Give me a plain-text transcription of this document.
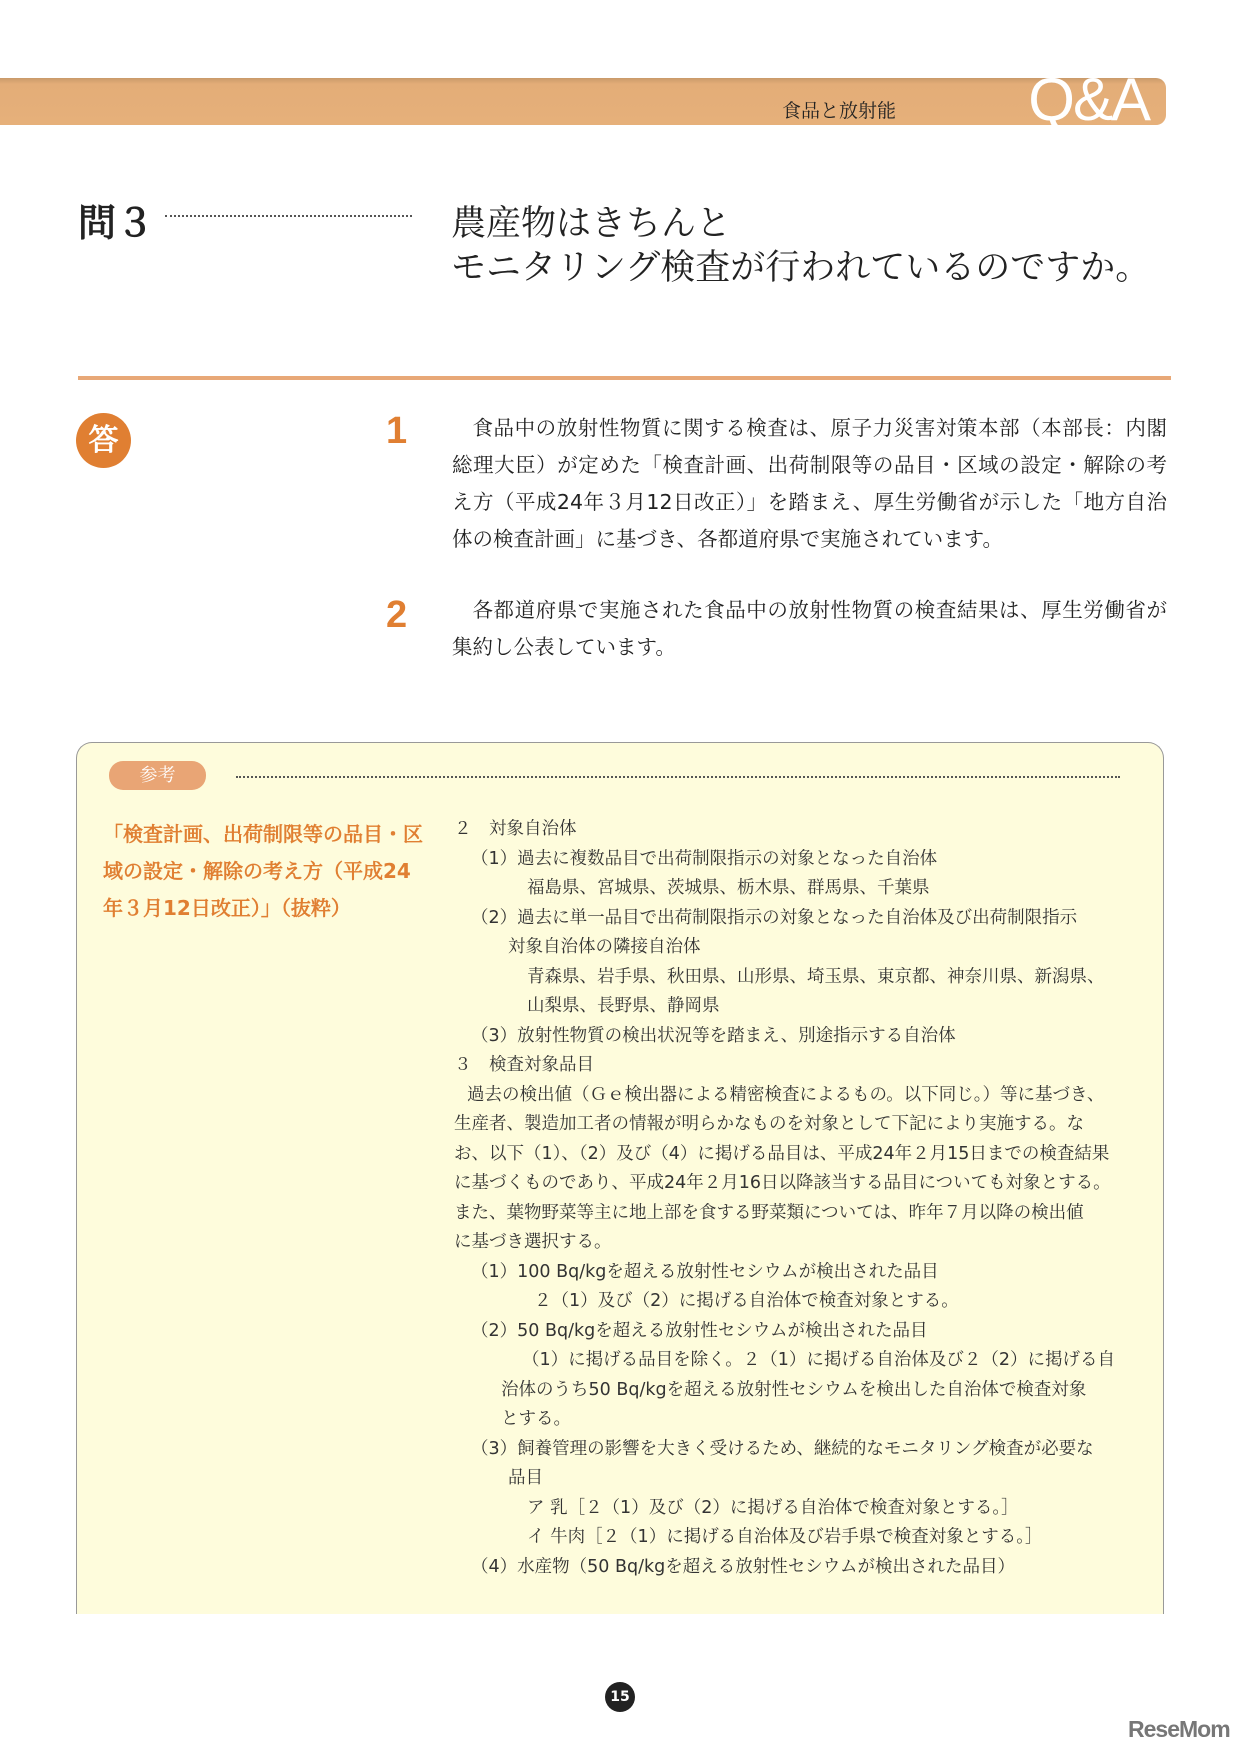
食品と放射能 Q&A
問３	農産物はきちんと
モニタリング検査が行われているのですか。
答	1	食品中の放射性物質に関する検査は、原子力災害対策本部（本部長：内閣総理大臣）が定めた「検査計画、出荷制限等の品目・区域の設定・解除の考え方（平成24年３月12日改正）」を踏まえ、厚生労働省が示した「地方自治体の検査計画」に基づき、各都道府県で実施されています。
2	各都道府県で実施された食品中の放射性物質の検査結果は、厚生労働省が集約し公表しています。
参考
「検査計画、出荷制限等の品目・区域の設定・解除の考え方（平成24年３月12日改正）」（抜粋）
２　対象自治体
（1）過去に複数品目で出荷制限指示の対象となった自治体
福島県、宮城県、茨城県、栃木県、群馬県、千葉県
（2）過去に単一品目で出荷制限指示の対象となった自治体及び出荷制限指示
対象自治体の隣接自治体
青森県、岩手県、秋田県、山形県、埼玉県、東京都、神奈川県、新潟県、
山梨県、長野県、静岡県
（3）放射性物質の検出状況等を踏まえ、別途指示する自治体
３　検査対象品目
過去の検出値（Ｇｅ検出器による精密検査によるもの。以下同じ。）等に基づき、
生産者、製造加工者の情報が明らかなものを対象として下記により実施する。な
お、以下（1）、（2）及び（4）に掲げる品目は、平成24年２月15日までの検査結果
に基づくものであり、平成24年２月16日以降該当する品目についても対象とする。
また、葉物野菜等主に地上部を食する野菜類については、昨年７月以降の検出値
に基づき選択する。
（1）100 Bq/kgを超える放射性セシウムが検出された品目
２（1）及び（2）に掲げる自治体で検査対象とする。
（2）50 Bq/kgを超える放射性セシウムが検出された品目
（1）に掲げる品目を除く。２（1）に掲げる自治体及び２（2）に掲げる自
治体のうち50 Bq/kgを超える放射性セシウムを検出した自治体で検査対象
とする。
（3）飼養管理の影響を大きく受けるため、継続的なモニタリング検査が必要な
品目
ア 乳［２（1）及び（2）に掲げる自治体で検査対象とする。］
イ 牛肉［２（1）に掲げる自治体及び岩手県で検査対象とする。］
（4）水産物（50 Bq/kgを超える放射性セシウムが検出された品目）
15
ReseMom
